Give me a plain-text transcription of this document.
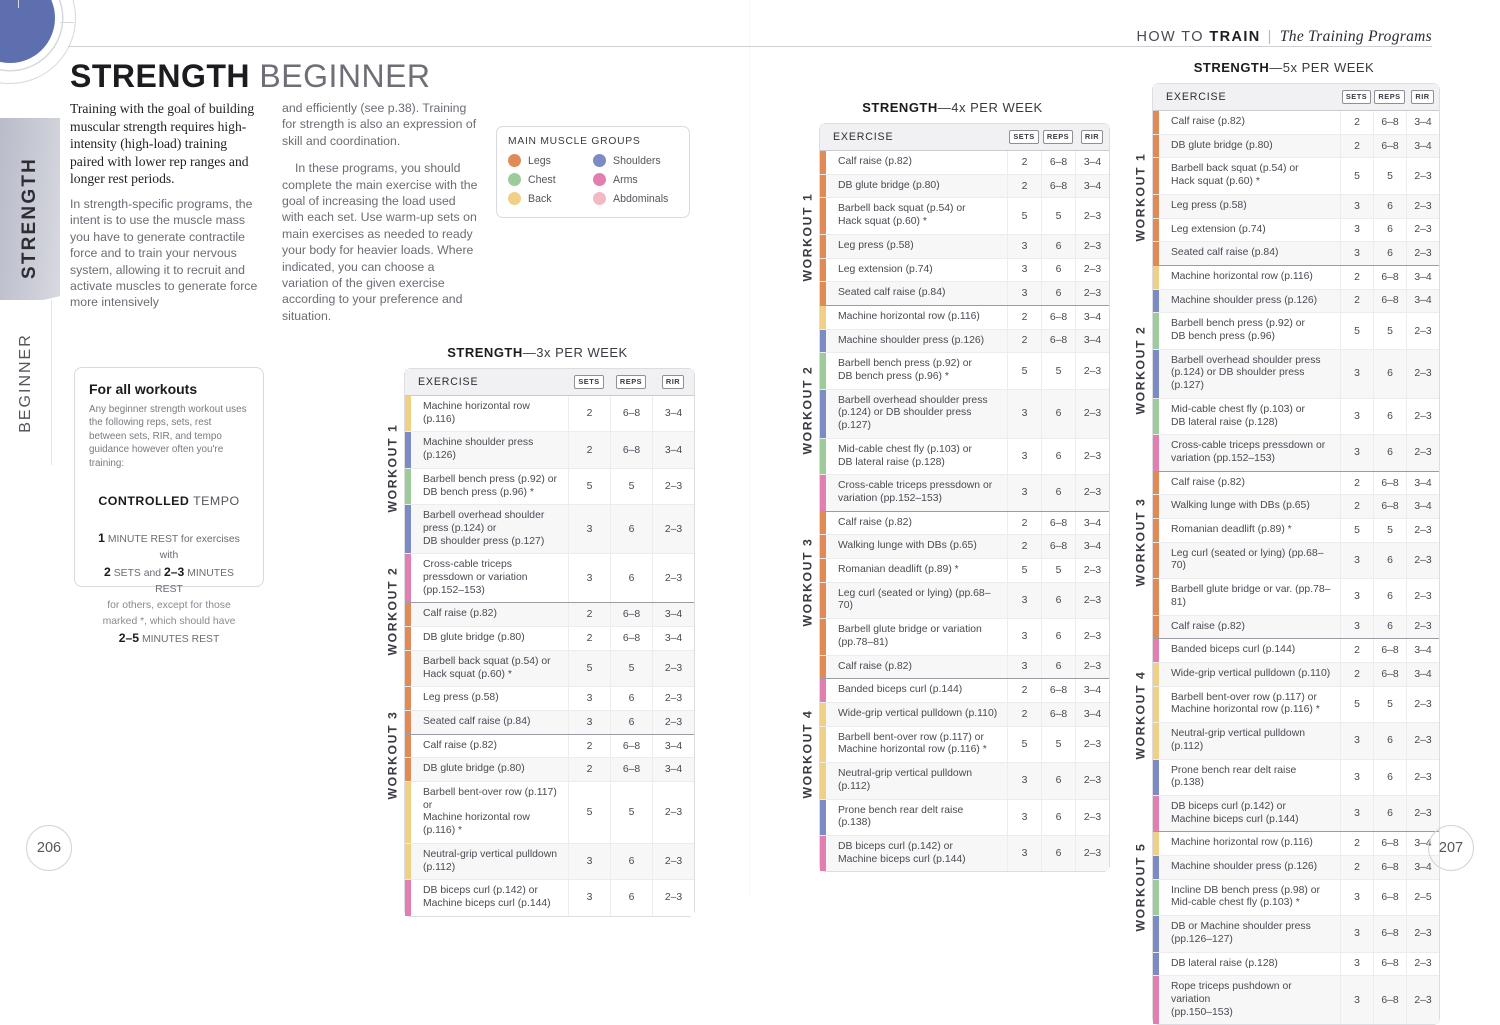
STRENGTH
BEGINNER
HOW TO TRAIN | The Training Programs
STRENGTH BEGINNER

Training with the goal of building muscular strength requires high-intensity (high-load) training paired with lower rep ranges and longer rest periods.

In strength-specific programs, the intent is to use the muscle mass you have to generate contractile force and to train your nervous system, allowing it to recruit and activate muscles to generate force more intensively

and efficiently (see p.38). Training for strength is also an expression of skill and coordination.

In these programs, you should complete the main exercise with the goal of increasing the load used with each set. Use warm-up sets on main exercises as needed to ready your body for heavier loads. Where indicated, you can choose a variation of the given exercise according to your preference and situation.

MAIN MUSCLE GROUPS
Legs	Shoulders
Chest	Arms
Back	Abdominals
For all workouts
Any beginner strength workout uses the following reps, sets, rest between sets, RIR, and tempo guidance however often you're training:
CONTROLLED TEMPO
1 MINUTE REST for exercises with
2 SETS and 2–3 MINUTES REST
for others, except for those
marked *, which should have
2–5 MINUTES REST
STRENGTH—3x PER WEEK
WORKOUT 1
WORKOUT 2
WORKOUT 3
EXERCISE	SETS	REPS	RIR
Machine horizontal row (p.116)	2	6–8	3–4
Machine shoulder press (p.126)	2	6–8	3–4
Barbell bench press (p.92) or
DB bench press (p.96) *	5	5	2–3
Barbell overhead shoulder press (p.124) or
DB shoulder press (p.127)
3	6	2–3
Cross-cable triceps pressdown or variation
(pp.152–153)
3	6	2–3
Calf raise (p.82)	2	6–8	3–4
DB glute bridge (p.80)	2	6–8	3–4
Barbell back squat (p.54) or Hack squat (p.60) *	5	5	2–3
Leg press (p.58)	3	6	2–3
Seated calf raise (p.84)	3	6	2–3
Calf raise (p.82)	2	6–8	3–4
DB glute bridge (p.80)	2	6–8	3–4
Barbell bent-over row (p.117) or
Machine horizontal row (p.116) *
5	5	2–3
Neutral-grip vertical pulldown (p.112)	3	6	2–3
DB biceps curl (p.142) or
Machine biceps curl (p.144)	3	6	2–3
STRENGTH—4x PER WEEK
WORKOUT 1
WORKOUT 2
WORKOUT 3
WORKOUT 4
EXERCISE	SETS	REPS	RIR
Calf raise (p.82)	2	6–8	3–4
DB glute bridge (p.80)	2	6–8	3–4
Barbell back squat (p.54) or
Hack squat (p.60) *	5	5	2–3
Leg press (p.58)	3	6	2–3
Leg extension (p.74)	3	6	2–3
Seated calf raise (p.84)	3	6	2–3
Machine horizontal row (p.116)	2	6–8	3–4
Machine shoulder press (p.126)	2	6–8	3–4
Barbell bench press (p.92) or
DB bench press (p.96) *	5	5	2–3
Barbell overhead shoulder press
(p.124) or DB shoulder press (p.127)
3	6	2–3
Mid-cable chest fly (p.103) or
DB lateral raise (p.128)	3	6	2–3
Cross-cable triceps pressdown or
variation (pp.152–153)	3	6	2–3
Calf raise (p.82)	2	6–8	3–4
Walking lunge with DBs (p.65)	2	6–8	3–4
Romanian deadlift (p.89) *	5	5	2–3
Leg curl (seated or lying) (pp.68–70)	3	6	2–3
Barbell glute bridge or variation
(pp.78–81)	3	6	2–3
Calf raise (p.82)	3	6	2–3
Banded biceps curl (p.144)	2	6–8	3–4
Wide-grip vertical pulldown (p.110)	2	6–8	3–4
Barbell bent-over row (p.117) or
Machine horizontal row (p.116) *	5	5	2–3
Neutral-grip vertical pulldown (p.112)	3	6	2–3
Prone bench rear delt raise (p.138)	3	6	2–3
DB biceps curl (p.142) or
Machine biceps curl (p.144)	3	6	2–3
STRENGTH—5x PER WEEK
WORKOUT 1
WORKOUT 2
WORKOUT 3
WORKOUT 4
WORKOUT 5
EXERCISE	SETS	REPS	RIR
Calf raise (p.82)	2	6–8	3–4
DB glute bridge (p.80)	2	6–8	3–4
Barbell back squat (p.54) or
Hack squat (p.60) *	5	5	2–3
Leg press (p.58)	3	6	2–3
Leg extension (p.74)	3	6	2–3
Seated calf raise (p.84)	3	6	2–3
Machine horizontal row (p.116)	2	6–8	3–4
Machine shoulder press (p.126)	2	6–8	3–4
Barbell bench press (p.92) or
DB bench press (p.96)	5	5	2–3
Barbell overhead shoulder press
(p.124) or DB shoulder press (p.127)
3	6	2–3
Mid-cable chest fly (p.103) or
DB lateral raise (p.128)	3	6	2–3
Cross-cable triceps pressdown or
variation (pp.152–153)	3	6	2–3
Calf raise (p.82)	2	6–8	3–4
Walking lunge with DBs (p.65)	2	6–8	3–4
Romanian deadlift (p.89) *	5	5	2–3
Leg curl (seated or lying) (pp.68–70)	3	6	2–3
Barbell glute bridge or var. (pp.78–81)	3	6	2–3
Calf raise (p.82)	3	6	2–3
Banded biceps curl (p.144)	2	6–8	3–4
Wide-grip vertical pulldown (p.110)	2	6–8	3–4
Barbell bent-over row (p.117) or
Machine horizontal row (p.116) *	5	5	2–3
Neutral-grip vertical pulldown (p.112)	3	6	2–3
Prone bench rear delt raise (p.138)	3	6	2–3
DB biceps curl (p.142) or
Machine biceps curl (p.144)	3	6	2–3
Machine horizontal row (p.116)	2	6–8	3–4
Machine shoulder press (p.126)	2	6–8	3–4
Incline DB bench press (p.98) or
Mid-cable chest fly (p.103) *	3	6–8	2–5
DB or Machine shoulder press
(pp.126–127)	3	6–8	2–3
DB lateral raise (p.128)	3	6–8	2–3
Rope triceps pushdown or variation
(pp.150–153)
3	6–8	2–3
206	207
